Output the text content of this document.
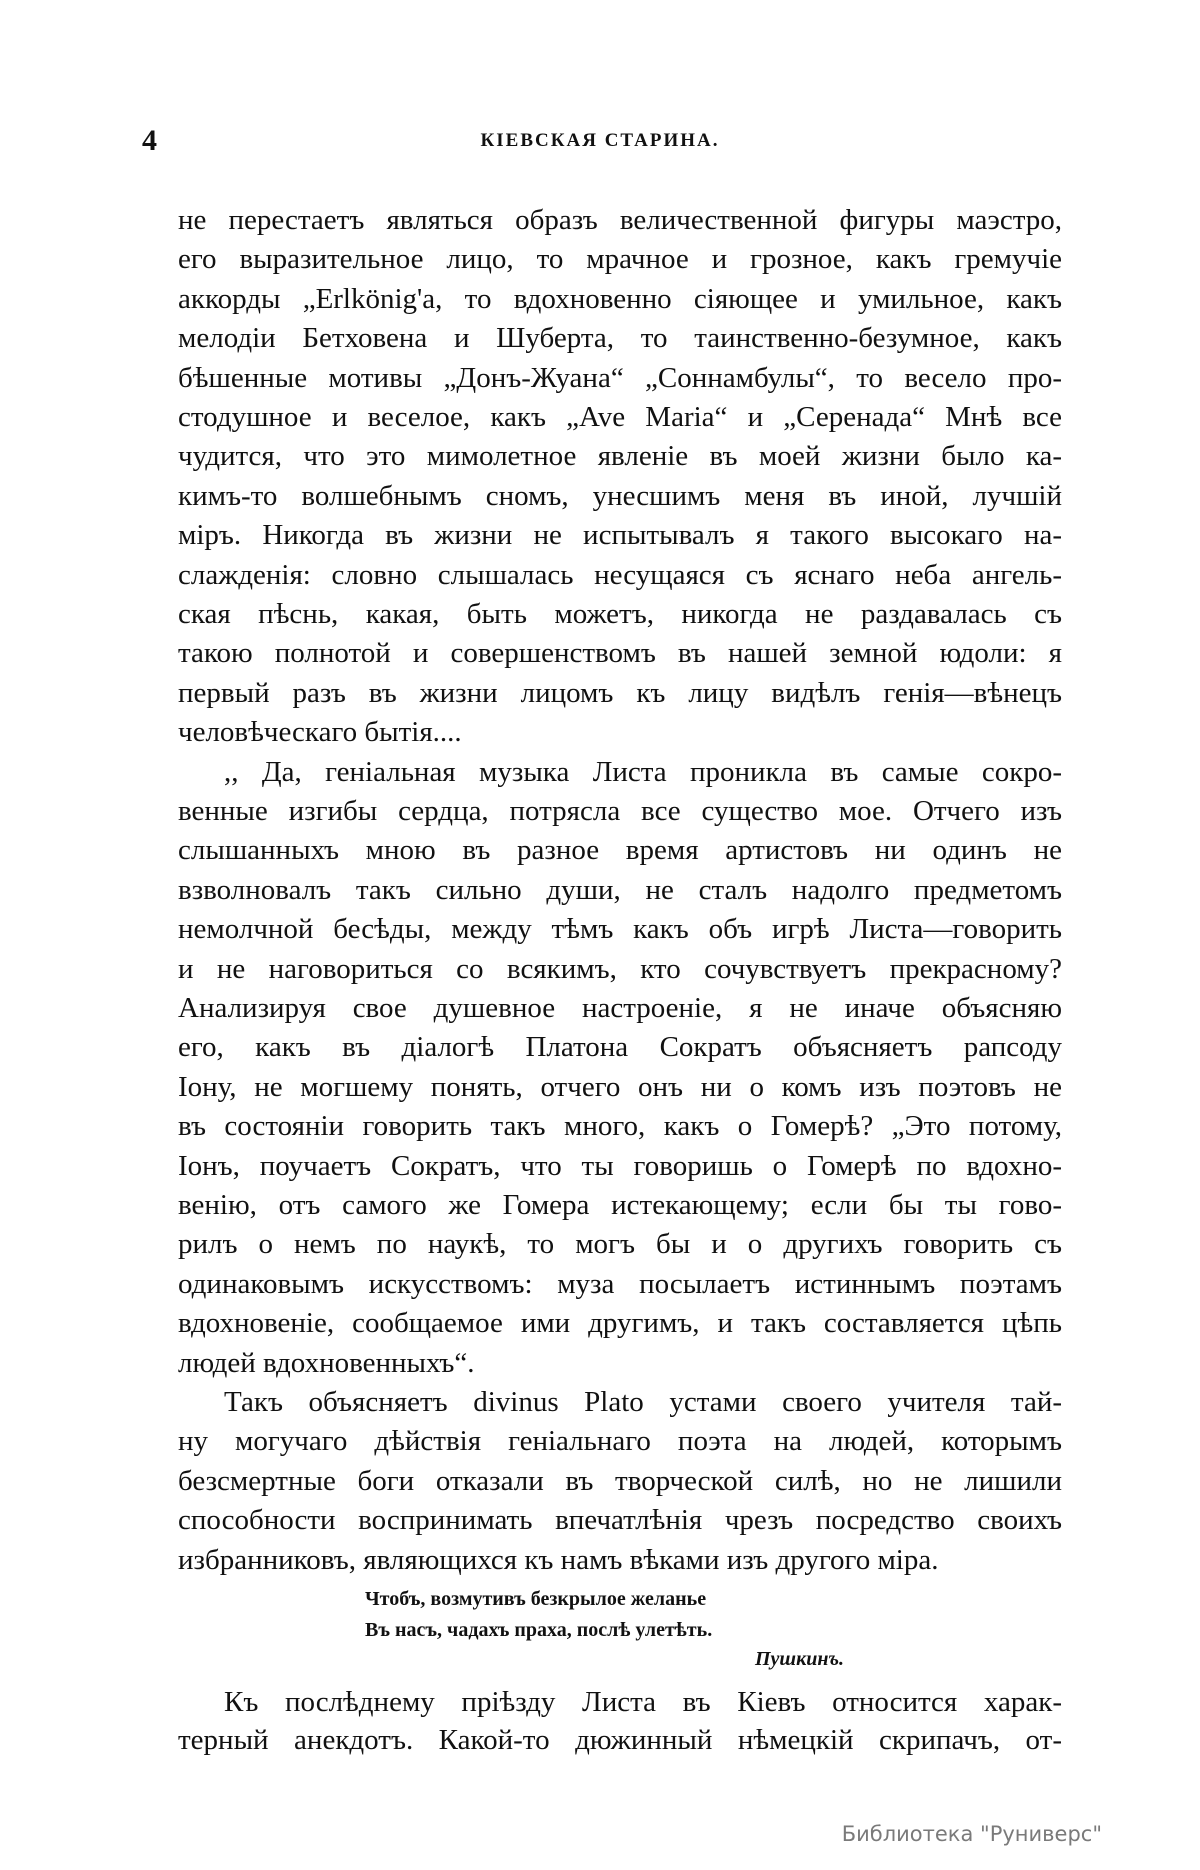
4	КІЕВСКАЯ СТАРИНА.
не перестаетъ являться образъ величественной фигуры маэстро,
его выразительное лицо, то мрачное и грозное, какъ гремучіе
аккорды „Erlkönig'а, то вдохновенно сіяющее и умильное, какъ
мелодіи Бетховена и Шуберта, то таинственно-безумное, какъ
бѣшенные мотивы „Донъ-Жуана“ „Соннамбулы“, то весело про-
стодушное и веселое, какъ „Ave Maria“ и „Серенада“ Мнѣ все
чудится, что это мимолетное явленіе въ моей жизни было ка-
кимъ-то волшебнымъ сномъ, унесшимъ меня въ иной, лучшій
міръ. Никогда въ жизни не испытывалъ я такого высокаго на-
слажденія: словно слышалась несущаяся съ яснаго неба ангель-
ская пѣснь, какая, быть можетъ, никогда не раздавалась съ
такою полнотой и совершенствомъ въ нашей земной юдоли: я
первый разъ въ жизни лицомъ къ лицу видѣлъ генія—вѣнецъ
человѣческаго бытія....
,, Да, геніальная музыка Листа проникла въ самые сокро-
венные изгибы сердца, потрясла все существо мое. Отчего изъ
слышанныхъ мною въ разное время артистовъ ни одинъ не
взволновалъ такъ сильно души, не сталъ надолго предметомъ
немолчной бесѣды, между тѣмъ какъ объ игрѣ Листа—говорить
и не наговориться со всякимъ, кто сочувствуетъ прекрасному?
Анализируя свое душевное настроеніе, я не иначе объясняю
его, какъ въ діалогѣ Платона Сократъ объясняетъ рапсоду
Іону, не могшему понять, отчего онъ ни о комъ изъ поэтовъ не
въ состояніи говорить такъ много, какъ о Гомерѣ? „Это потому,
Іонъ, поучаетъ Сократъ, что ты говоришь о Гомерѣ по вдохно-
венію, отъ самого же Гомера истекающему; если бы ты гово-
рилъ о немъ по наукѣ, то могъ бы и о другихъ говорить съ
одинаковымъ искусствомъ: муза посылаетъ истиннымъ поэтамъ
вдохновеніе, сообщаемое ими другимъ, и такъ составляется цѣпь
людей вдохновенныхъ“.
Такъ объясняетъ divinus Plato устами своего учителя тай-
ну могучаго дѣйствія геніальнаго поэта на людей, которымъ
безсмертные боги отказали въ творческой силѣ, но не лишили
способности воспринимать впечатлѣнія чрезъ посредство своихъ
избранниковъ, являющихся къ намъ вѣками изъ другого міра.
Чтобъ, возмутивъ безкрылое желанье
Въ насъ, чадахъ праха, послѣ улетѣть.
Пушкинъ.
Къ послѣднему пріѣзду Листа въ Кіевъ относится харак-
терный анекдотъ. Какой-то дюжинный нѣмецкій скрипачъ, от-
Библиотека "Руниверс"
